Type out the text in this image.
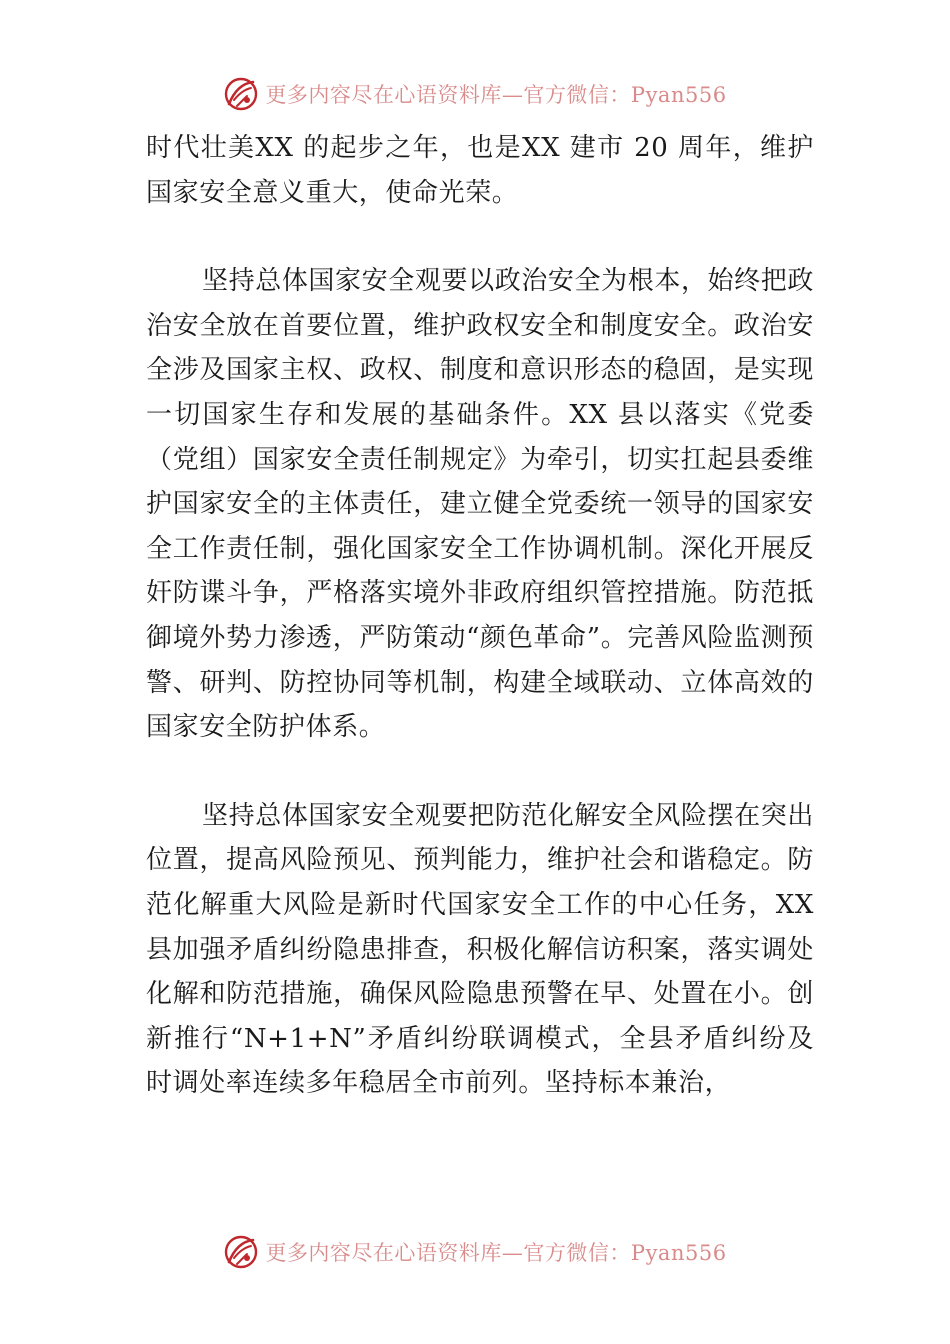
更多内容尽在心语资料库—官方微信：Pyan556

时代壮美XX 的起步之年，也是XX 建市 20 周年，维护国家安全意义重大，使命光荣。

坚持总体国家安全观要以政治安全为根本，始终把政治安全放在首要位置，维护政权安全和制度安全。政治安全涉及国家主权、政权、制度和意识形态的稳固，是实现一切国家生存和发展的基础条件。XX 县以落实《党委（党组）国家安全责任制规定》为牵引，切实扛起县委维护国家安全的主体责任，建立健全党委统一领导的国家安全工作责任制，强化国家安全工作协调机制。深化开展反奸防谍斗争，严格落实境外非政府组织管控措施。防范抵御境外势力渗透，严防策动“颜色革命”。完善风险监测预警、研判、防控协同等机制，构建全域联动、立体高效的国家安全防护体系。

坚持总体国家安全观要把防范化解安全风险摆在突出位置，提高风险预见、预判能力，维护社会和谐稳定。防范化解重大风险是新时代国家安全工作的中心任务，XX 县加强矛盾纠纷隐患排查，积极化解信访积案，落实调处化解和防范措施，确保风险隐患预警在早、处置在小。创新推行“N+1+N”矛盾纠纷联调模式，全县矛盾纠纷及时调处率连续多年稳居全市前列。坚持标本兼治，

更多内容尽在心语资料库—官方微信：Pyan556
